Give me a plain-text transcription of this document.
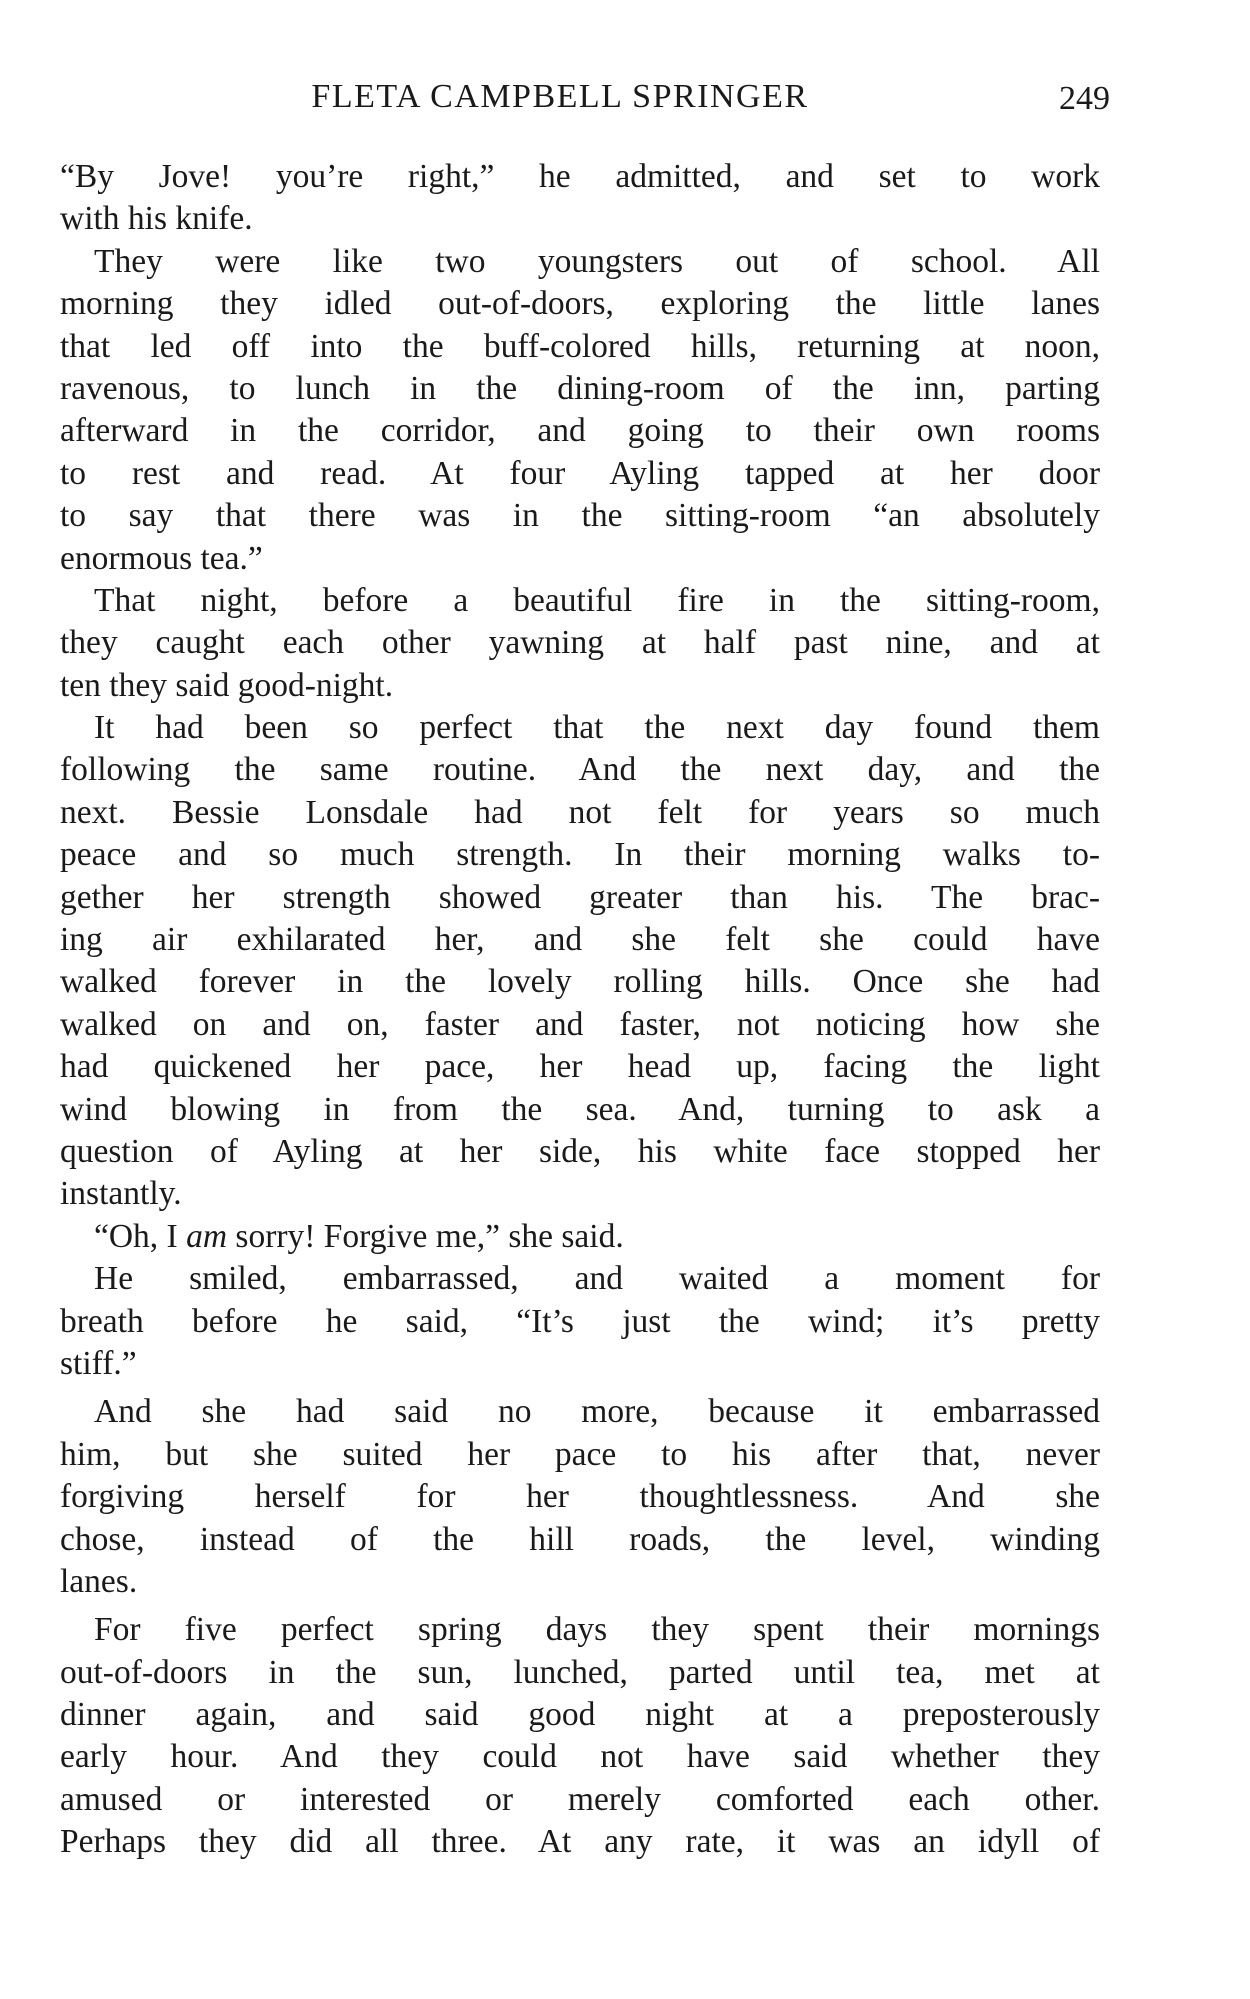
FLETA CAMPBELL SPRINGER	249
“By Jove! you’re right,” he admitted, and set to work
with his knife.
They were like two youngsters out of school. All
morning they idled out-of-doors, exploring the little lanes
that led off into the buff-colored hills, returning at noon,
ravenous, to lunch in the dining-room of the inn, parting
afterward in the corridor, and going to their own rooms
to rest and read. At four Ayling tapped at her door
to say that there was in the sitting-room “an absolutely
enormous tea.”
That night, before a beautiful fire in the sitting-room,
they caught each other yawning at half past nine, and at
ten they said good-night.
It had been so perfect that the next day found them
following the same routine. And the next day, and the
next. Bessie Lonsdale had not felt for years so much
peace and so much strength. In their morning walks to-
gether her strength showed greater than his. The brac-
ing air exhilarated her, and she felt she could have
walked forever in the lovely rolling hills. Once she had
walked on and on, faster and faster, not noticing how she
had quickened her pace, her head up, facing the light
wind blowing in from the sea. And, turning to ask a
question of Ayling at her side, his white face stopped her
instantly.
“Oh, I am sorry! Forgive me,” she said.
He smiled, embarrassed, and waited a moment for
breath before he said, “It’s just the wind; it’s pretty
stiff.”
And she had said no more, because it embarrassed
him, but she suited her pace to his after that, never
forgiving herself for her thoughtlessness. And she
chose, instead of the hill roads, the level, winding
lanes.
For five perfect spring days they spent their mornings
out-of-doors in the sun, lunched, parted until tea, met at
dinner again, and said good night at a preposterously
early hour. And they could not have said whether they
amused or interested or merely comforted each other.
Perhaps they did all three. At any rate, it was an idyll of
